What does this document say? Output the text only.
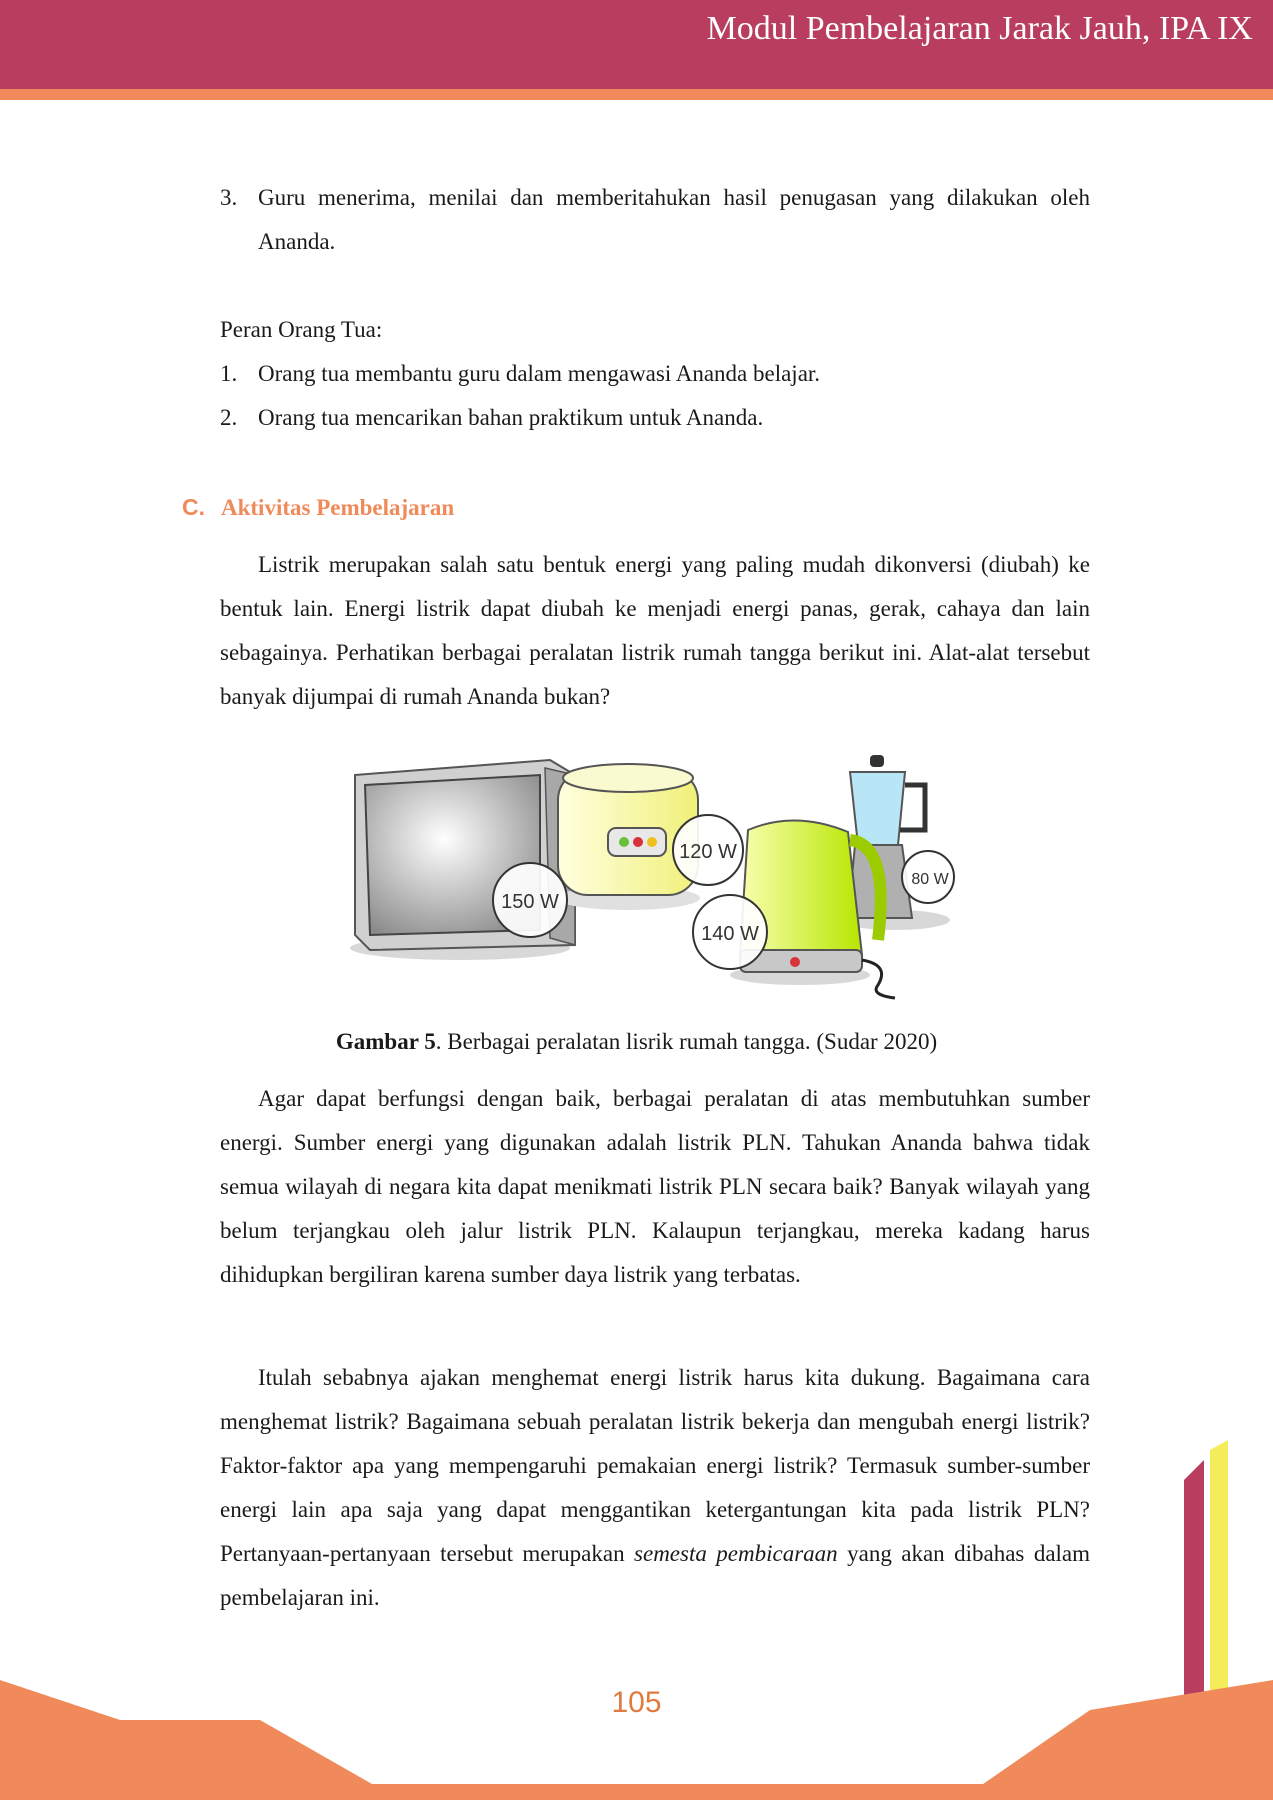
Modul Pembelajaran Jarak Jauh, IPA IX
3. Guru menerima, menilai dan memberitahukan hasil penugasan yang dilakukan oleh Ananda.
Peran Orang Tua:
1. Orang tua membantu guru dalam mengawasi Ananda belajar.
2. Orang tua mencarikan bahan praktikum untuk Ananda.
C. Aktivitas Pembelajaran
Listrik merupakan salah satu bentuk energi yang paling mudah dikonversi (diubah) ke bentuk lain. Energi listrik dapat diubah ke menjadi energi panas, gerak, cahaya dan lain sebagainya. Perhatikan berbagai peralatan listrik rumah tangga berikut ini. Alat-alat tersebut banyak dijumpai di rumah Ananda bukan?
150 W
120 W
140 W
80 W
Gambar 5. Berbagai peralatan lisrik rumah tangga. (Sudar 2020)
Agar dapat berfungsi dengan baik, berbagai peralatan di atas membutuhkan sumber energi. Sumber energi yang digunakan adalah listrik PLN. Tahukan Ananda bahwa tidak semua wilayah di negara kita dapat menikmati listrik PLN secara baik? Banyak wilayah yang belum terjangkau oleh jalur listrik PLN. Kalaupun terjangkau, mereka kadang harus dihidupkan bergiliran karena sumber daya listrik yang terbatas.
Itulah sebabnya ajakan menghemat energi listrik harus kita dukung. Bagaimana cara menghemat listrik? Bagaimana sebuah peralatan listrik bekerja dan mengubah energi listrik? Faktor-faktor apa yang mempengaruhi pemakaian energi listrik? Termasuk sumber-sumber energi lain apa saja yang dapat menggantikan ketergantungan kita pada listrik PLN? Pertanyaan-pertanyaan tersebut merupakan semesta pembicaraan yang akan dibahas dalam pembelajaran ini.
105
